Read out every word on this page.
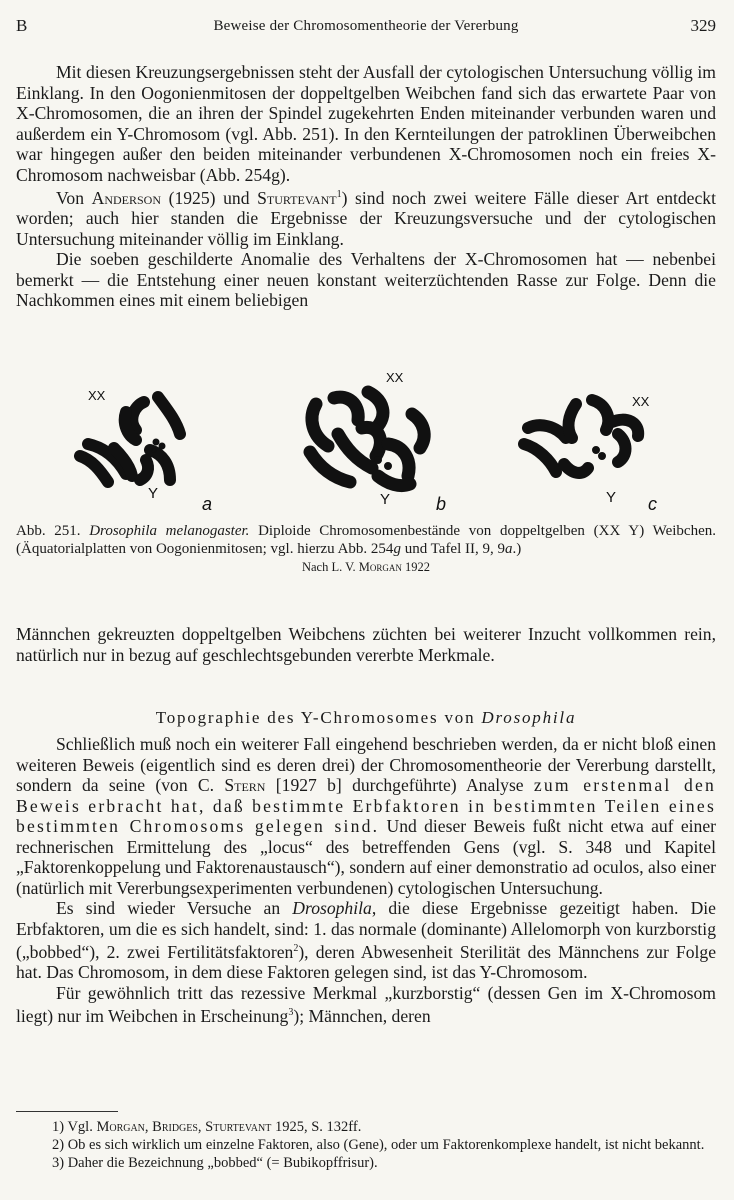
B	Beweise der Chromosomentheorie der Vererbung	329

Mit diesen Kreuzungsergebnissen steht der Ausfall der cytologischen Untersuchung völlig im Einklang. In den Oogonienmitosen der doppeltgelben Weibchen fand sich das erwartete Paar von X-Chromosomen, die an ihren der Spindel zugekehrten Enden miteinander verbunden waren und außerdem ein Y-Chromosom (vgl. Abb. 251). In den Kernteilungen der patroklinen Überweibchen war hingegen außer den beiden miteinander verbundenen X-Chromosomen noch ein freies X-Chromosom nachweisbar (Abb. 254g).

Von Anderson (1925) und Sturtevant$^1$) sind noch zwei weitere Fälle dieser Art entdeckt worden; auch hier standen die Ergebnisse der Kreuzungsversuche und der cytologischen Untersuchung miteinander völlig im Einklang.

Die soeben geschilderte Anomalie des Verhaltens der X-Chromosomen hat — nebenbei bemerkt — die Entstehung einer neuen konstant weiterzüchtenden Rasse zur Folge. Denn die Nachkommen eines mit einem beliebigen

XX
Y
a
XX
Y	b
XX
Y c
Abb. 251. Drosophila melanogaster. Diploide Chromosomenbestände von doppeltgelben (XX Y) Weibchen. (Äquatorialplatten von Oogonienmitosen; vgl. hierzu Abb. 254g und Tafel II, 9, 9a.)
Nach L. V. Morgan 1922

Männchen gekreuzten doppeltgelben Weibchens züchten bei weiterer Inzucht vollkommen rein, natürlich nur in bezug auf geschlechtsgebunden vererbte Merkmale.

Topographie des Y-Chromosomes von Drosophila

Schließlich muß noch ein weiterer Fall eingehend beschrieben werden, da er nicht bloß einen weiteren Beweis (eigentlich sind es deren drei) der Chromosomentheorie der Vererbung darstellt, sondern da seine (von C. Stern [1927 b] durchgeführte) Analyse zum erstenmal den Beweis erbracht hat, daß bestimmte Erbfaktoren in bestimmten Teilen eines bestimmten Chromosoms gelegen sind. Und dieser Beweis fußt nicht etwa auf einer rechnerischen Ermittelung des „locus“ des betreffenden Gens (vgl. S. 348 und Kapitel „Faktorenkoppelung und Faktorenaustausch“), sondern auf einer demonstratio ad oculos, also einer (natürlich mit Vererbungsexperimenten verbundenen) cytologischen Untersuchung.

Es sind wieder Versuche an Drosophila, die diese Ergebnisse gezeitigt haben. Die Erbfaktoren, um die es sich handelt, sind: 1. das normale (dominante) Allelomorph von kurzborstig („bobbed“), 2. zwei Fertilitätsfaktoren$^2$), deren Abwesenheit Sterilität des Männchens zur Folge hat. Das Chromosom, in dem diese Faktoren gelegen sind, ist das Y-Chromosom.

Für gewöhnlich tritt das rezessive Merkmal „kurzborstig“ (dessen Gen im X-Chromosom liegt) nur im Weibchen in Erscheinung$^3$); Männchen, deren

1) Vgl. Morgan, Bridges, Sturtevant 1925, S. 132ff.

2) Ob es sich wirklich um einzelne Faktoren, also (Gene), oder um Faktorenkomplexe handelt, ist nicht bekannt.

3) Daher die Bezeichnung „bobbed“ (= Bubikopffrisur).
